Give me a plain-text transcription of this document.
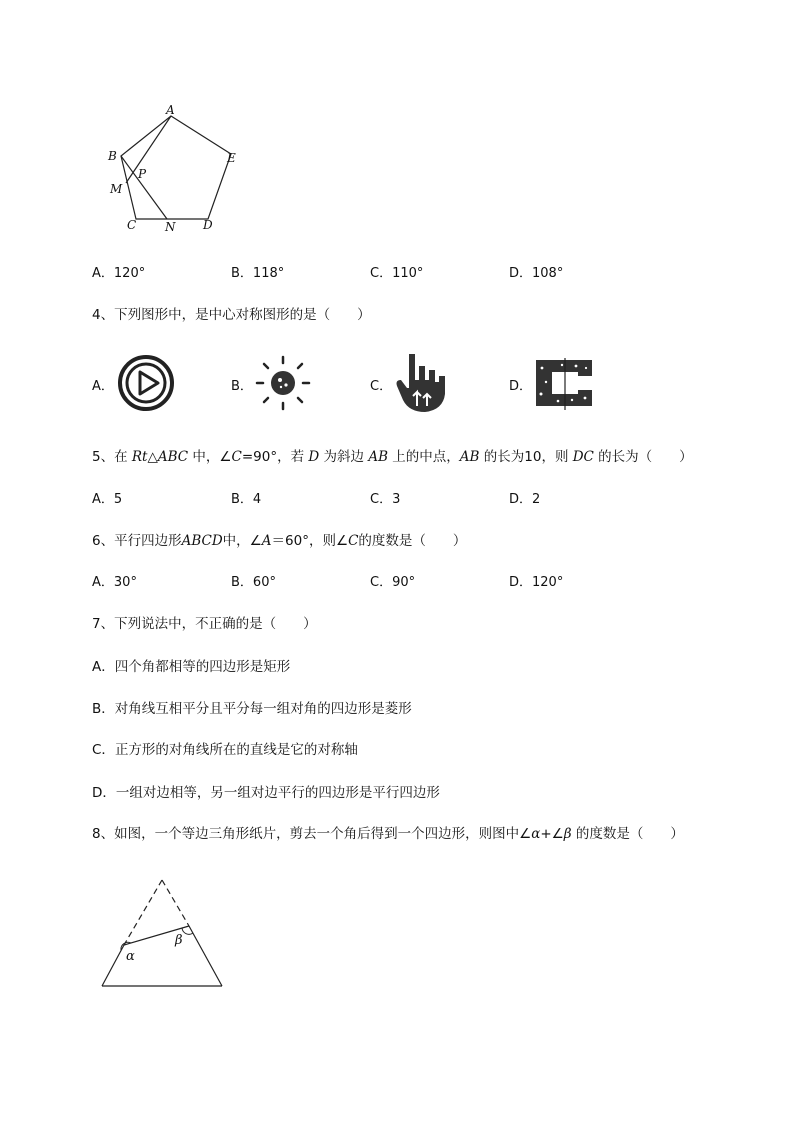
A
B	E
M
P
C N D
A．120°	B．118°	C．110°	D．108°
4、下列图形中，是中心对称图形的是（　　）
A．	B．	C．	D．
5、在 Rt△ABC 中，∠C=90°，若 D 为斜边 AB 上的中点，AB 的长为10，则 DC 的长为（　　）
A．5	B．4	C．3	D．2
6、平行四边形ABCD中，∠A＝60°，则∠C的度数是（　　）
A．30°	B．60°	C．90°	D．120°
7、下列说法中，不正确的是（　　）
A．四个角都相等的四边形是矩形
B．对角线互相平分且平分每一组对角的四边形是菱形
C．正方形的对角线所在的直线是它的对称轴
D．一组对边相等，另一组对边平行的四边形是平行四边形
8、如图，一个等边三角形纸片，剪去一个角后得到一个四边形，则图中∠α+∠β 的度数是（　　）
α
β
